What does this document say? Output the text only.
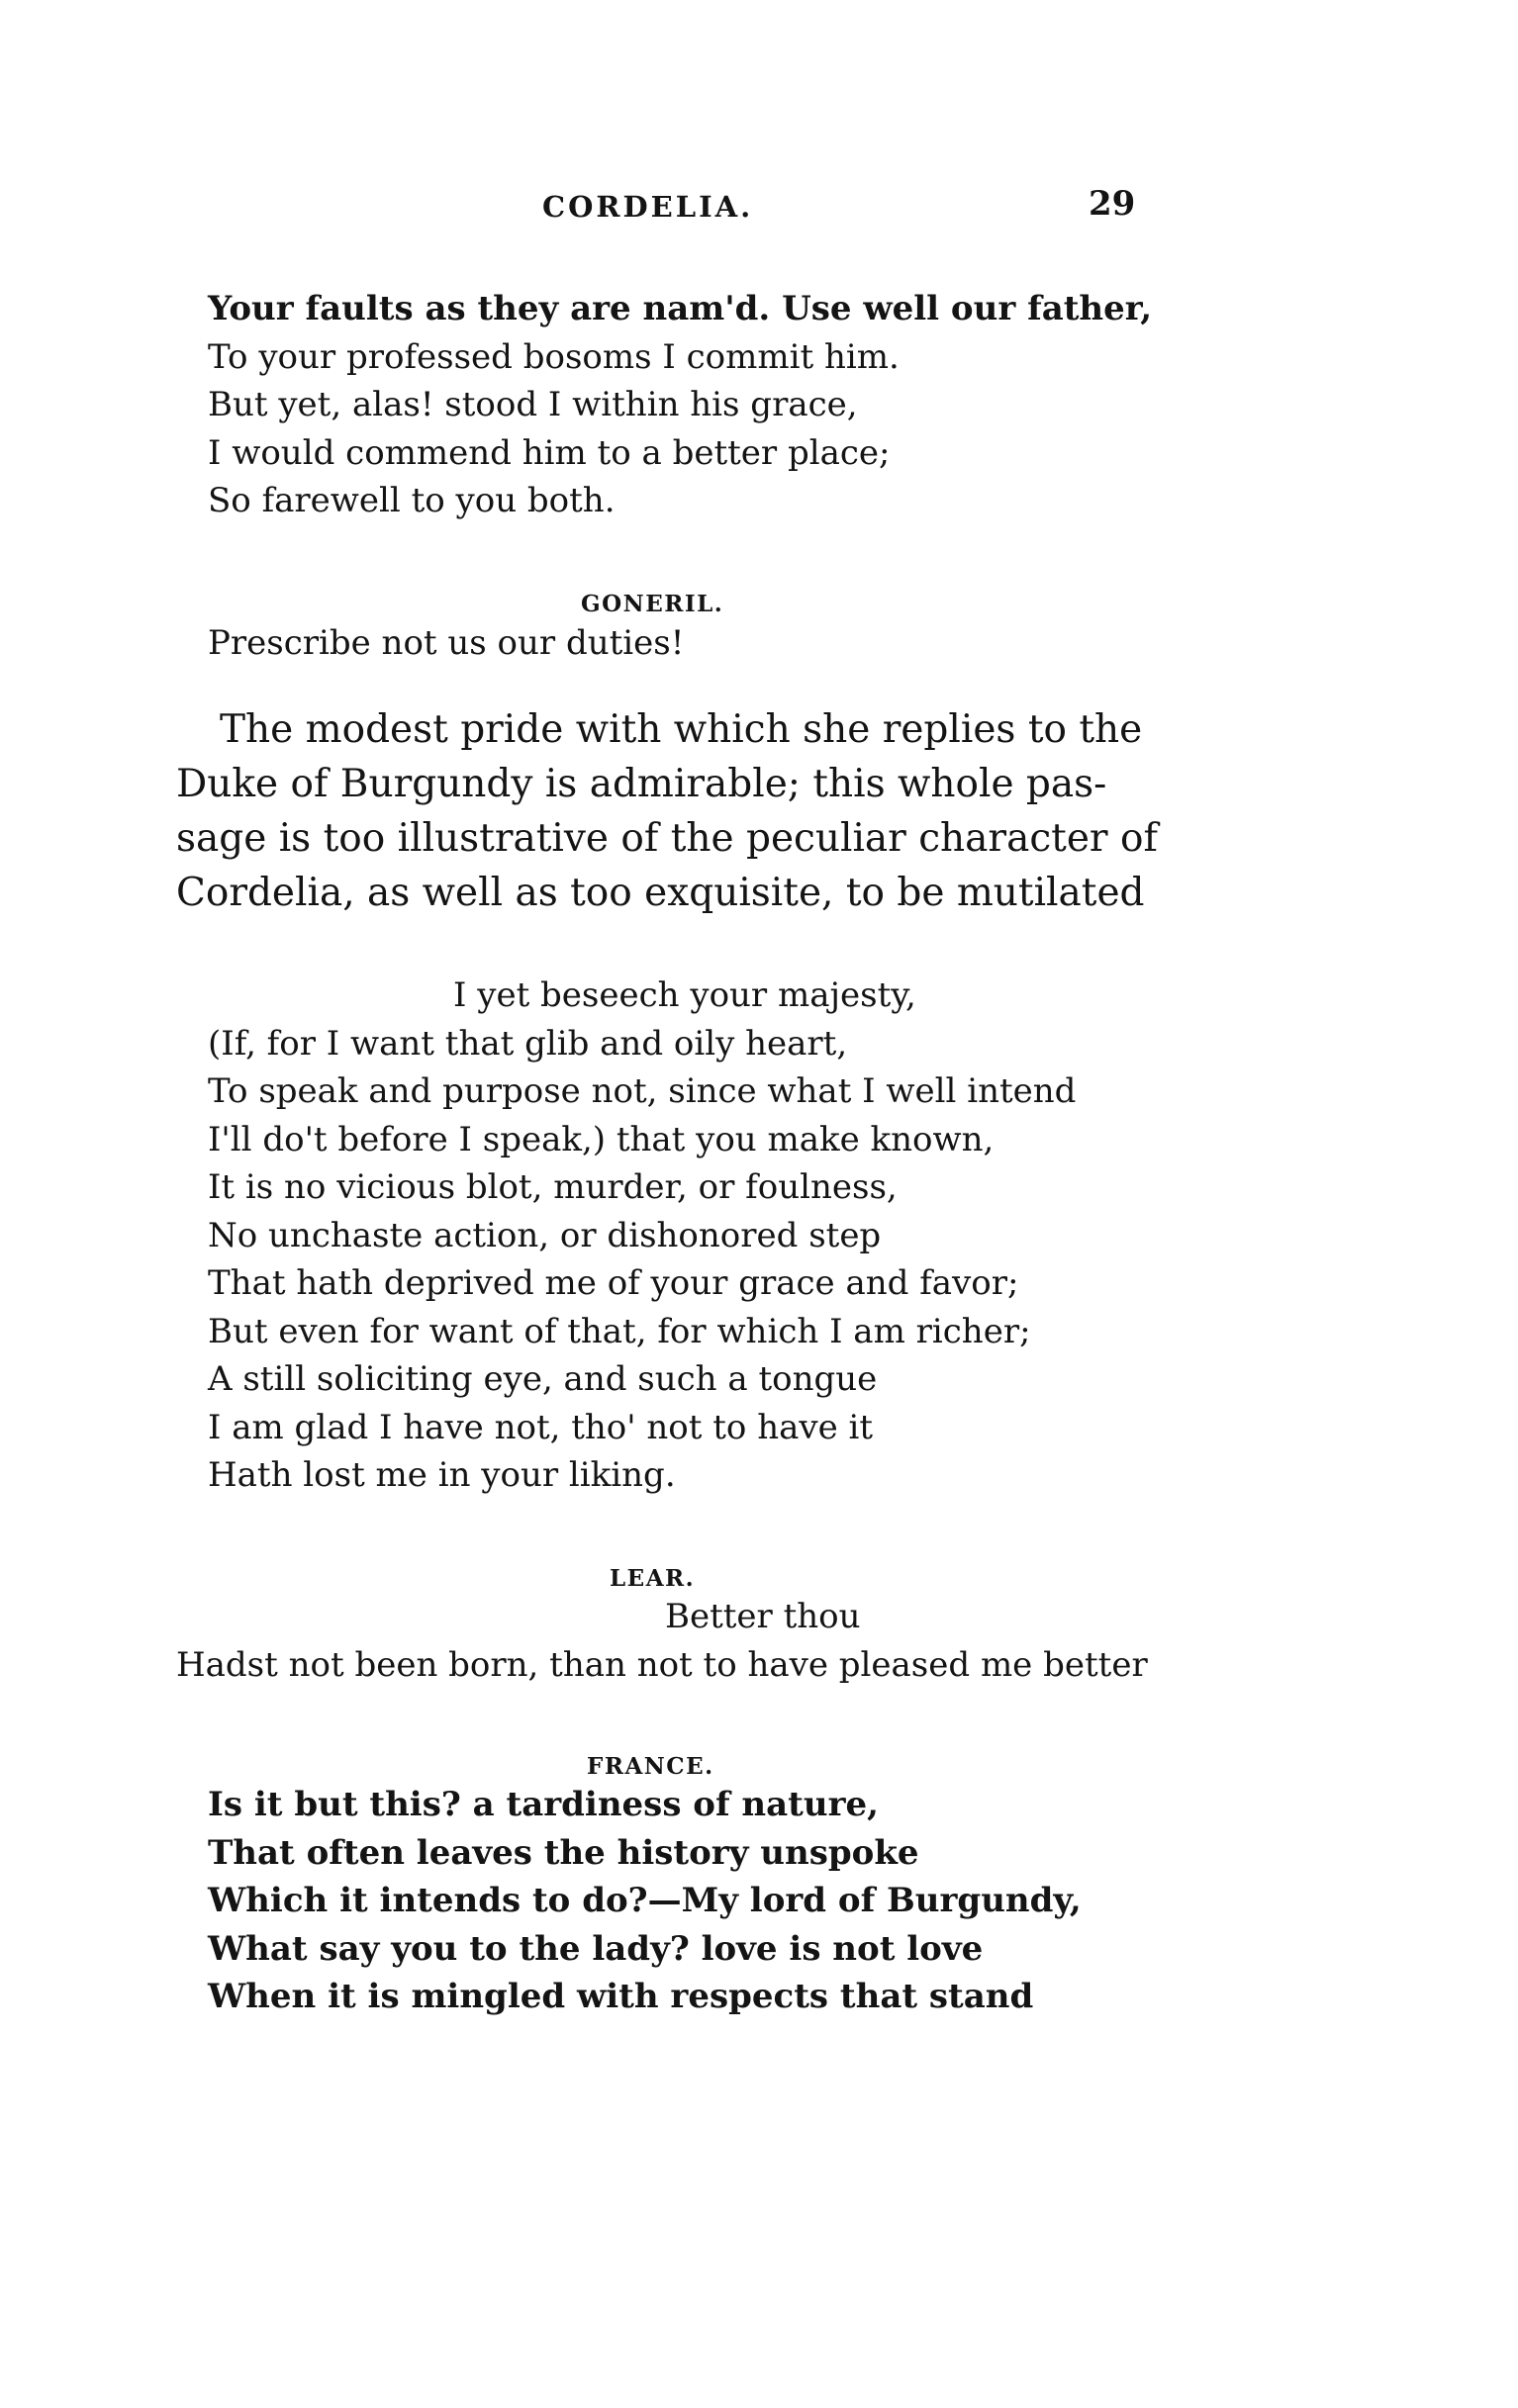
CORDELIA.	29
Your faults as they are nam'd. Use well our father,
To your professed bosoms I commit him.
But yet, alas! stood I within his grace,
I would commend him to a better place;
So farewell to you both.
GONERIL.
Prescribe not us our duties!
The modest pride with which she replies to the
Duke of Burgundy is admirable; this whole pas-
sage is too illustrative of the peculiar character of
Cordelia, as well as too exquisite, to be mutilated
I yet beseech your majesty,
(If, for I want that glib and oily heart,
To speak and purpose not, since what I well intend
I'll do't before I speak,) that you make known,
It is no vicious blot, murder, or foulness,
No unchaste action, or dishonored step
That hath deprived me of your grace and favor;
But even for want of that, for which I am richer;
A still soliciting eye, and such a tongue
I am glad I have not, tho' not to have it
Hath lost me in your liking.
LEAR.
Better thou
Hadst not been born, than not to have pleased me better
FRANCE.
Is it but this? a tardiness of nature,
That often leaves the history unspoke
Which it intends to do?—My lord of Burgundy,
What say you to the lady? love is not love
When it is mingled with respects that stand
